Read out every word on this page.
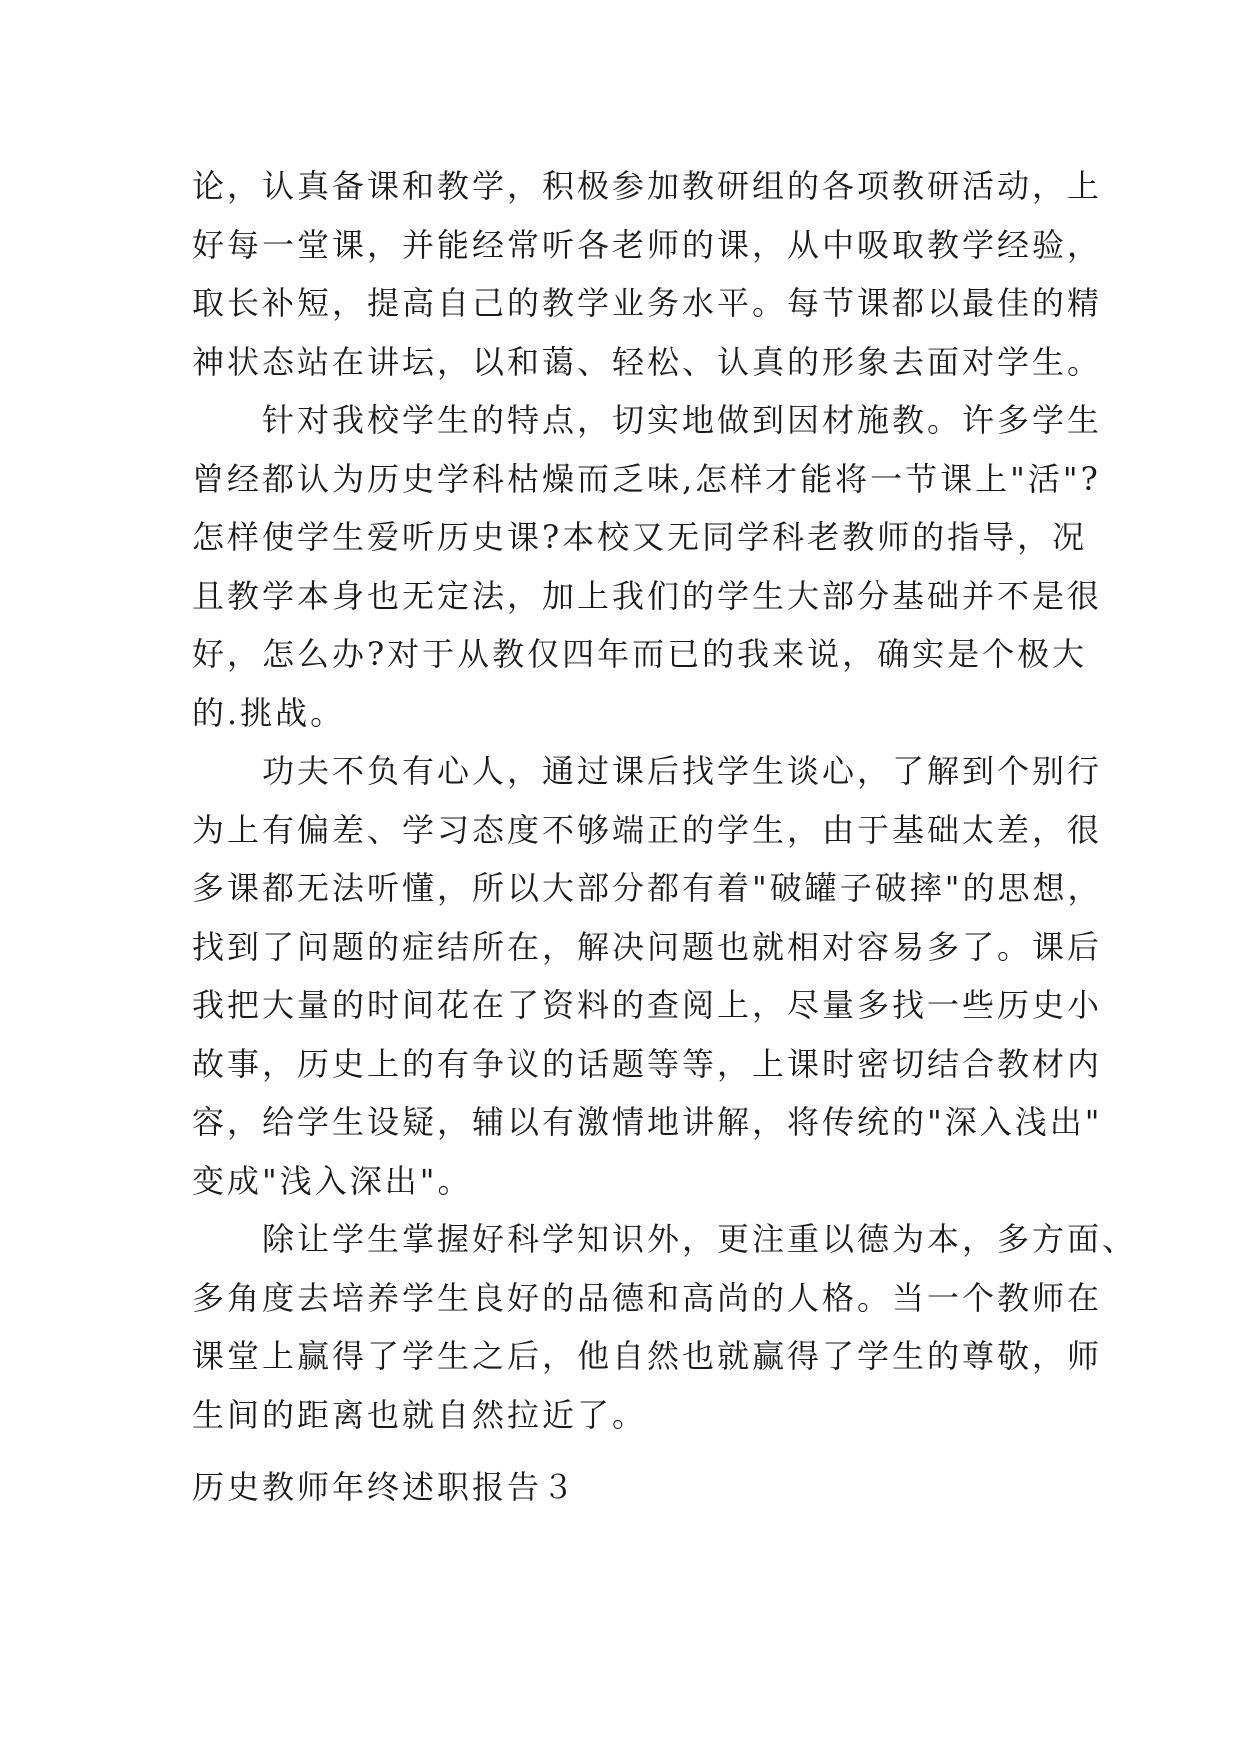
论，认真备课和教学，积极参加教研组的各项教研活动，上
好每一堂课，并能经常听各老师的课，从中吸取教学经验，
取长补短，提高自己的教学业务水平。每节课都以最佳的精
神状态站在讲坛，以和蔼、轻松、认真的形象去面对学生。
针对我校学生的特点，切实地做到因材施教。许多学生
曾经都认为历史学科枯燥而乏味,怎样才能将一节课上"活"?
怎样使学生爱听历史课?本校又无同学科老教师的指导，况
且教学本身也无定法，加上我们的学生大部分基础并不是很
好，怎么办?对于从教仅四年而已的我来说，确实是个极大
的.挑战。
功夫不负有心人，通过课后找学生谈心，了解到个别行
为上有偏差、学习态度不够端正的学生，由于基础太差，很
多课都无法听懂，所以大部分都有着"破罐子破摔"的思想，
找到了问题的症结所在，解决问题也就相对容易多了。课后
我把大量的时间花在了资料的查阅上，尽量多找一些历史小
故事，历史上的有争议的话题等等，上课时密切结合教材内
容，给学生设疑，辅以有激情地讲解，将传统的"深入浅出"
变成"浅入深出"。
除让学生掌握好科学知识外，更注重以德为本，多方面、
多角度去培养学生良好的品德和高尚的人格。当一个教师在
课堂上赢得了学生之后，他自然也就赢得了学生的尊敬，师
生间的距离也就自然拉近了。
历史教师年终述职报告３
